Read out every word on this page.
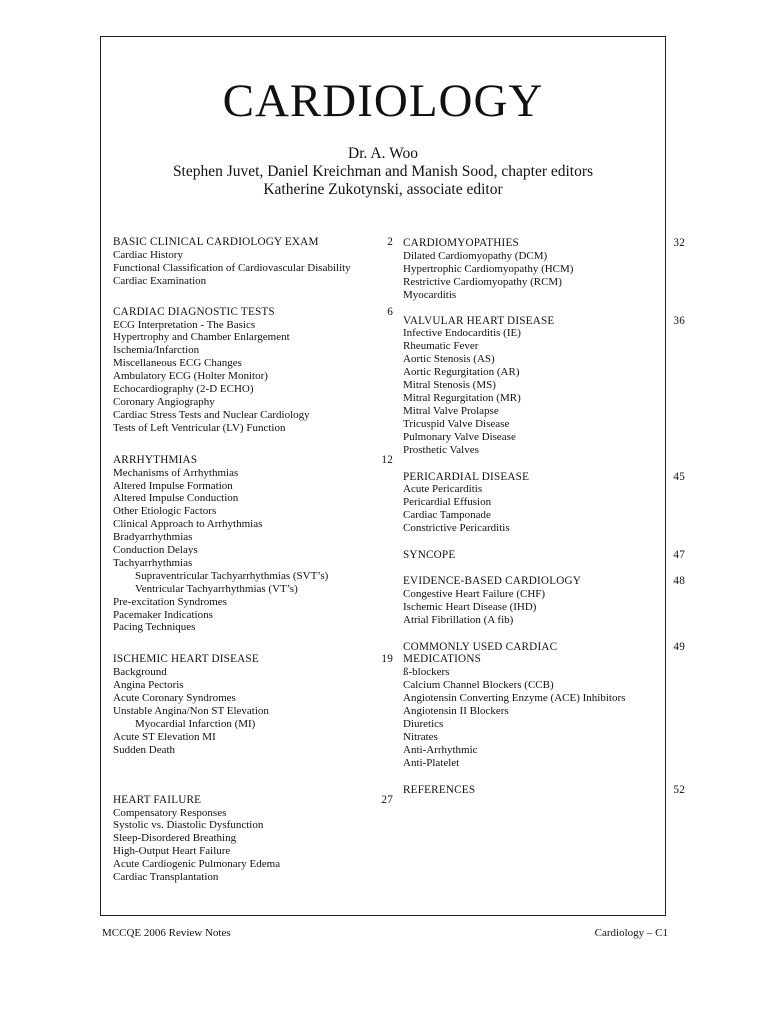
CARDIOLOGY
Dr. A. Woo
Stephen Juvet, Daniel Kreichman and Manish Sood, chapter editors
Katherine Zukotynski, associate editor
BASIC CLINICAL CARDIOLOGY EXAM	2
Cardiac History
Functional Classification of Cardiovascular Disability
Cardiac Examination
CARDIAC DIAGNOSTIC TESTS	6
ECG Interpretation - The Basics
Hypertrophy and Chamber Enlargement
Ischemia/Infarction
Miscellaneous ECG Changes
Ambulatory ECG (Holter Monitor)
Echocardiography (2-D ECHO)
Coronary Angiography
Cardiac Stress Tests and Nuclear Cardiology
Tests of Left Ventricular (LV) Function
ARRHYTHMIAS	12
Mechanisms of Arrhythmias
Altered Impulse Formation
Altered Impulse Conduction
Other Etiologic Factors
Clinical Approach to Arrhythmias
Bradyarrhythmias
Conduction Delays
Tachyarrhythmias
Supraventricular Tachyarrhythmias (SVT’s)
Ventricular Tachyarrhythmias (VT’s)
Pre-excitation Syndromes
Pacemaker Indications
Pacing Techniques
ISCHEMIC HEART DISEASE	19
Background
Angina Pectoris
Acute Coronary Syndromes
Unstable Angina/Non ST Elevation
Myocardial Infarction (MI)
Acute ST Elevation MI
Sudden Death
HEART FAILURE	27
Compensatory Responses
Systolic vs. Diastolic Dysfunction
Sleep-Disordered Breathing
High-Output Heart Failure
Acute Cardiogenic Pulmonary Edema
Cardiac Transplantation
CARDIOMYOPATHIES	32
Dilated Cardiomyopathy (DCM)
Hypertrophic Cardiomyopathy (HCM)
Restrictive Cardiomyopathy (RCM)
Myocarditis
VALVULAR HEART DISEASE	36
Infective Endocarditis (IE)
Rheumatic Fever
Aortic Stenosis (AS)
Aortic Regurgitation (AR)
Mitral Stenosis (MS)
Mitral Regurgitation (MR)
Mitral Valve Prolapse
Tricuspid Valve Disease
Pulmonary Valve Disease
Prosthetic Valves
PERICARDIAL DISEASE	45
Acute Pericarditis
Pericardial Effusion
Cardiac Tamponade
Constrictive Pericarditis
SYNCOPE	47
EVIDENCE-BASED CARDIOLOGY	48
Congestive Heart Failure (CHF)
Ischemic Heart Disease (IHD)
Atrial Fibrillation (A fib)
COMMONLY USED CARDIAC	49
MEDICATIONS
ß-blockers
Calcium Channel Blockers (CCB)
Angiotensin Converting Enzyme (ACE) Inhibitors
Angiotensin II Blockers
Diuretics
Nitrates
Anti-Arrhythmic
Anti-Platelet
REFERENCES	52
MCCQE 2006 Review Notes	Cardiology – C1
